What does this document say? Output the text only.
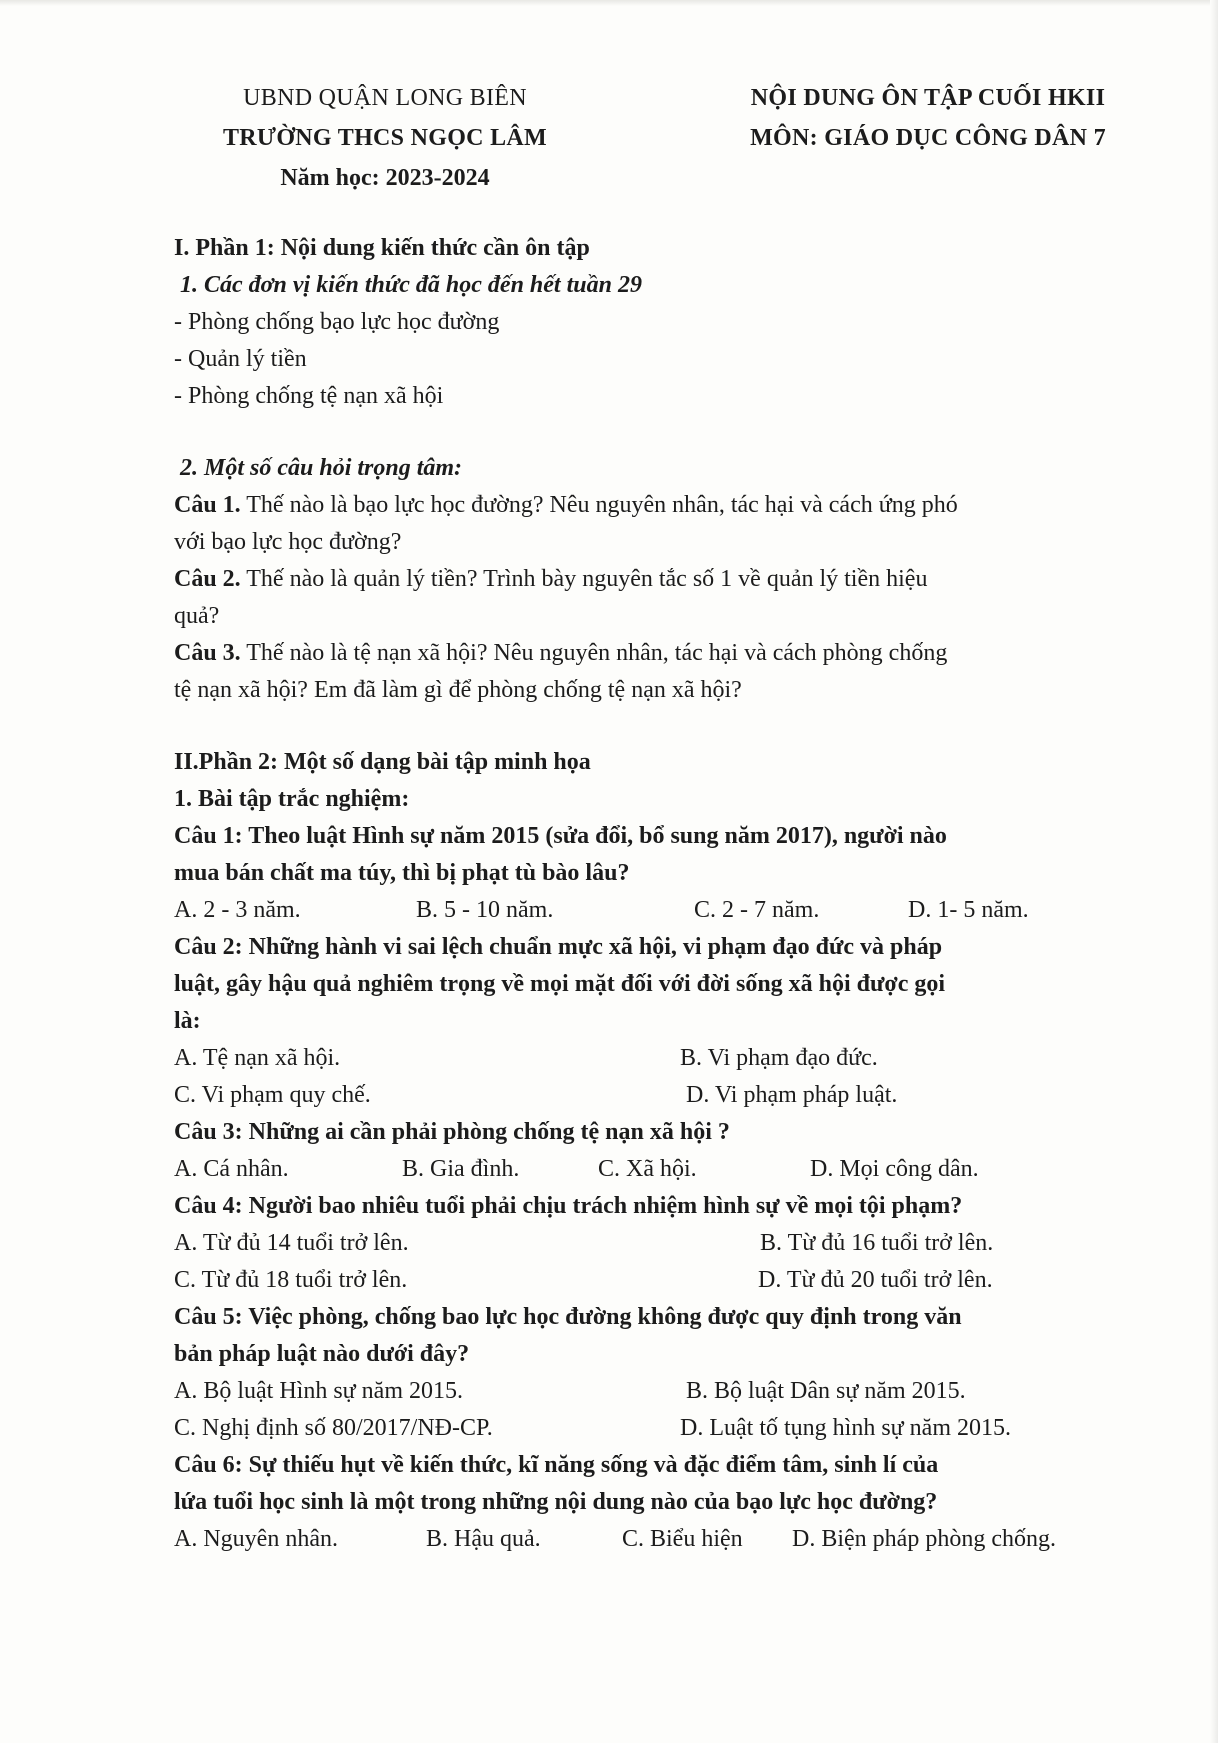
UBND QUẬN LONG BIÊN
TRƯỜNG THCS NGỌC LÂM
Năm học: 2023-2024
NỘI DUNG ÔN TẬP CUỐI HKII
MÔN: GIÁO DỤC CÔNG DÂN 7
I. Phần 1: Nội dung kiến thức cần ôn tập
1. Các đơn vị kiến thức đã học đến hết tuần 29
- Phòng chống bạo lực học đường
- Quản lý tiền
- Phòng chống tệ nạn xã hội
2. Một số câu hỏi trọng tâm:
Câu 1. Thế nào là bạo lực học đường? Nêu nguyên nhân, tác hại và cách ứng phó
với bạo lực học đường?
Câu 2. Thế nào là quản lý tiền? Trình bày nguyên tắc số 1 về quản lý tiền hiệu
quả?
Câu 3. Thế nào là tệ nạn xã hội? Nêu nguyên nhân, tác hại và cách phòng chống
tệ nạn xã hội? Em đã làm gì để phòng chống tệ nạn xã hội?
II.Phần 2: Một số dạng bài tập minh họa
1. Bài tập trắc nghiệm:
Câu 1: Theo luật Hình sự năm 2015 (sửa đổi, bổ sung năm 2017), người nào
mua bán chất ma túy, thì bị phạt tù bào lâu?
A. 2 - 3 năm.	B. 5 - 10 năm.	C. 2 - 7 năm.	D. 1- 5 năm.
Câu 2: Những hành vi sai lệch chuẩn mực xã hội, vi phạm đạo đức và pháp
luật, gây hậu quả nghiêm trọng về mọi mặt đối với đời sống xã hội được gọi
là:
A. Tệ nạn xã hội.	B. Vi phạm đạo đức.
C. Vi phạm quy chế.	D. Vi phạm pháp luật.
Câu 3: Những ai cần phải phòng chống tệ nạn xã hội ?
A. Cá nhân.	B. Gia đình.	C. Xã hội.	D. Mọi công dân.
Câu 4: Người bao nhiêu tuổi phải chịu trách nhiệm hình sự về mọi tội phạm?
A. Từ đủ 14 tuổi trở lên.	B. Từ đủ 16 tuổi trở lên.
C. Từ đủ 18 tuổi trở lên.	D. Từ đủ 20 tuổi trở lên.
Câu 5: Việc phòng, chống bao lực học đường không được quy định trong văn
bản pháp luật nào dưới đây?
A. Bộ luật Hình sự năm 2015.	B. Bộ luật Dân sự năm 2015.
C. Nghị định số 80/2017/NĐ-CP.	D. Luật tố tụng hình sự năm 2015.
Câu 6: Sự thiếu hụt về kiến thức, kĩ năng sống và đặc điểm tâm, sinh lí của
lứa tuổi học sinh là một trong những nội dung nào của bạo lực học đường?
A. Nguyên nhân.	B. Hậu quả.	C. Biểu hiện D. Biện pháp phòng chống.
